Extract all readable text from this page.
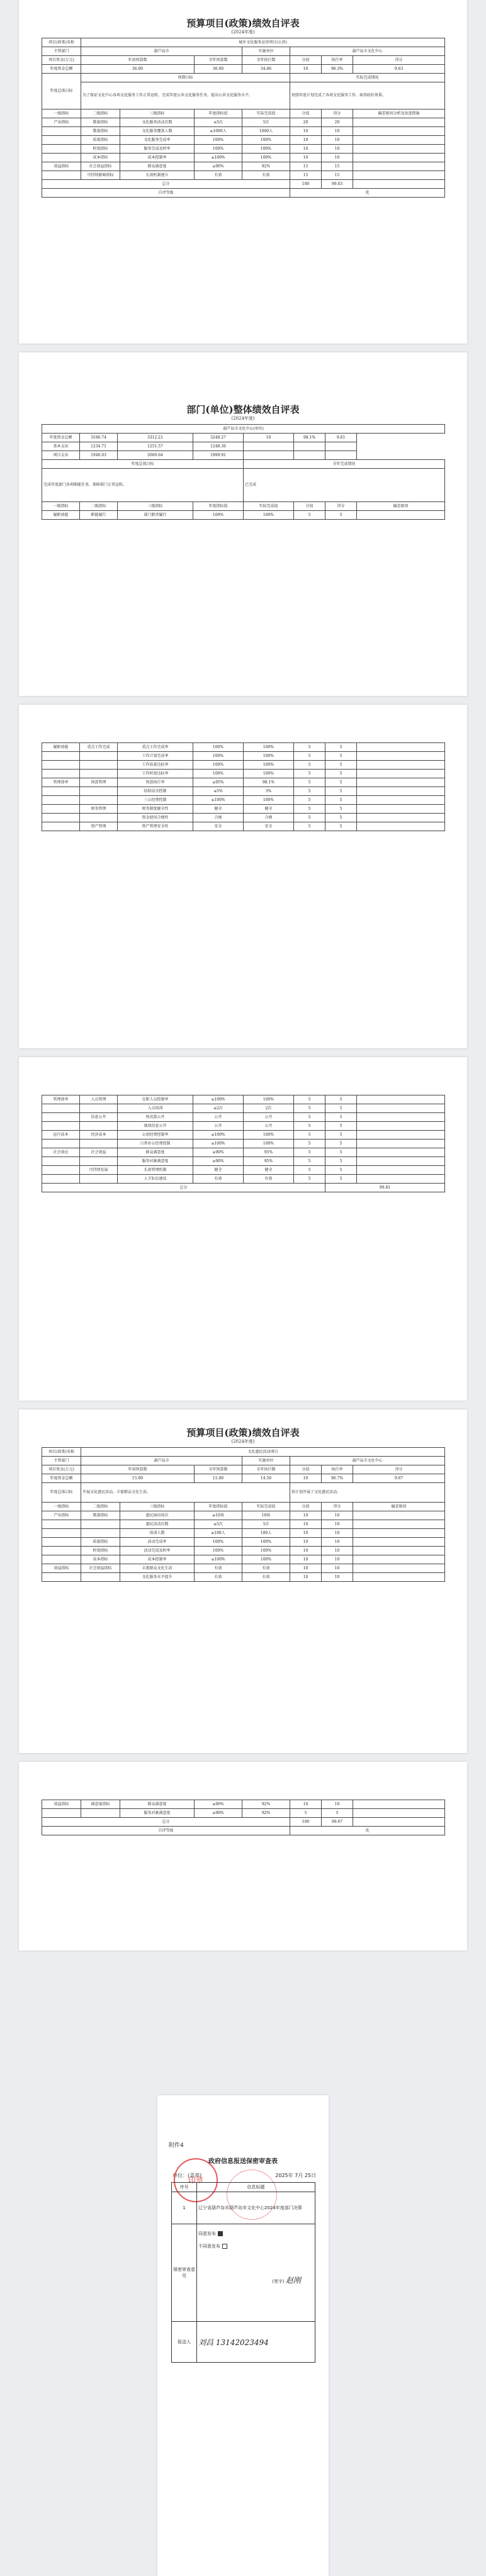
预算项目(政策)绩效自评表
(2024年度)
项目(政策)名称	城乡文化服务运营项目(公共)						
主管部门	葫芦岛市			实施单位	葫芦岛市文化中心		
项目资金(万元)	年初预算数		全年预算数	全年执行数	分值	执行率	得分
年度资金总额	36.00		36.00	34.66	10	96.3%	9.63
年度总体目标	预期目标				实际完成情况		
	为了保证文化中心各项文化服务工作正常运转，完成年度公共文化服务任务，提高公共文化服务水平。				按照年度计划完成了各项文化服务工作，取得较好效果。		
一级指标	二级指标	三级指标	年度指标值	实际完成值	分值	得分	偏差原因分析及改进措施
产出指标	数量指标	文化服务活动次数	≥5次	5次	20	20	
	数量指标	文化服务覆盖人数	≥1000人	1000人	10	10	
	质量指标	文化服务完成率	100%	100%	10	10	
	时效指标	服务完成及时率	100%	100%	10	10	
	成本指标	成本控制率	≤100%	100%	10	10	
效益指标	社会效益指标	群众满意度	≥90%	92%	15	15	
	可持续影响指标	长效机制建立	有效	有效	15	15	
总分					100	99.63	
自评等级					优		
部门(单位)整体绩效自评表
(2024年度)
葫芦岛市文化中心(单位)							
年度资金总额	3180.74	3312.21	3248.27	10	98.1%	9.81	
基本支出	1234.71	1251.57	1248.36				
项目支出	1946.03	2060.64	1999.91				
年度总体目标				全年完成情况			
完成年度部门各项职能任务，保障部门正常运转。				已完成			
一级指标	二级指标	三级指标	年度指标值	实际完成值	分值	得分	偏差原因
履职效能	职能履行	部门职责履行	100%	100%	5	5	
履职效能	重点工作完成	重点工作完成率	100%	100%	5	5	
		工作计划完成率	100%	100%	5	5	
		工作质量达标率	100%	100%	5	5	
		工作时效达标率	100%	100%	5	5	
管理效率	预算管理	预算执行率	≥95%	98.1%	5	5	
		结转结余控制	≤5%	3%	5	5	
		三公经费控制	≤100%	100%	5	5	
	财务管理	财务制度健全性	健全	健全	5	5	
		资金使用合规性	合规	合规	5	5	
	资产管理	资产管理安全性	安全	安全	5	5	
管理效率	人员管理	在职人员控制率	≤100%	100%	5	5	
		人员培训	≥2次	2次	5	5	
	信息公开	预决算公开	公开	公开	5	5	
		绩效信息公开	公开	公开	5	5	
运行成本	经济成本	公用经费控制率	≤100%	100%	5	5	
		日常办公经费控制	≤100%	100%	5	5	
社会效应	社会效益	群众满意度	≥90%	95%	5	5	
		服务对象满意度	≥90%	95%	5	5	
	可持续发展	长效管理机制	健全	健全	5	5	
		人才队伍建设	有效	有效	5	5	
总分						99.81	
预算项目(政策)绩效自评表
(2024年度)
项目(政策)名称	文化惠民活动项目						
主管部门	葫芦岛市			实施单位	葫芦岛市文化中心		
项目资金(万元)	年初预算数		全年预算数	全年执行数	分值	执行率	得分
年度资金总额	15.00		15.00	14.50	10	96.7%	9.67
年度总体目标	开展文化惠民活动，丰富群众文化生活。				按计划开展了文化惠民活动。		
一级指标	二级指标	三级指标	年度指标值	实际完成值	分值	得分	偏差原因
产出指标	数量指标	惠民演出场次	≥10场	10场	10	10	
		惠民活动次数	≥5次	5次	10	10	
		培训人数	≥100人	100人	10	10	
	质量指标	活动完成率	100%	100%	10	10	
	时效指标	活动完成及时率	100%	100%	10	10	
	成本指标	成本控制率	≤100%	100%	10	10	
效益指标	社会效益指标	丰富群众文化生活	有效	有效	10	10	
		文化服务水平提升	有效	有效	10	10	
效益指标	满意度指标	群众满意度	≥90%	92%	10	10	
		服务对象满意度	≥90%	92%	5	5	
总分					100	99.67	
自评等级					优		
附件4
政府信息报送保密审查表
单位：(盖章)	2025年 7月 25日
印章
序号	信息标题
1	辽宁省葫芦岛市葫芦岛市文化中心2024年度部门决算
保密审查意见	同意发布
不同意发布
(签字) 赵刚

报送人	刘昌 13142023494
